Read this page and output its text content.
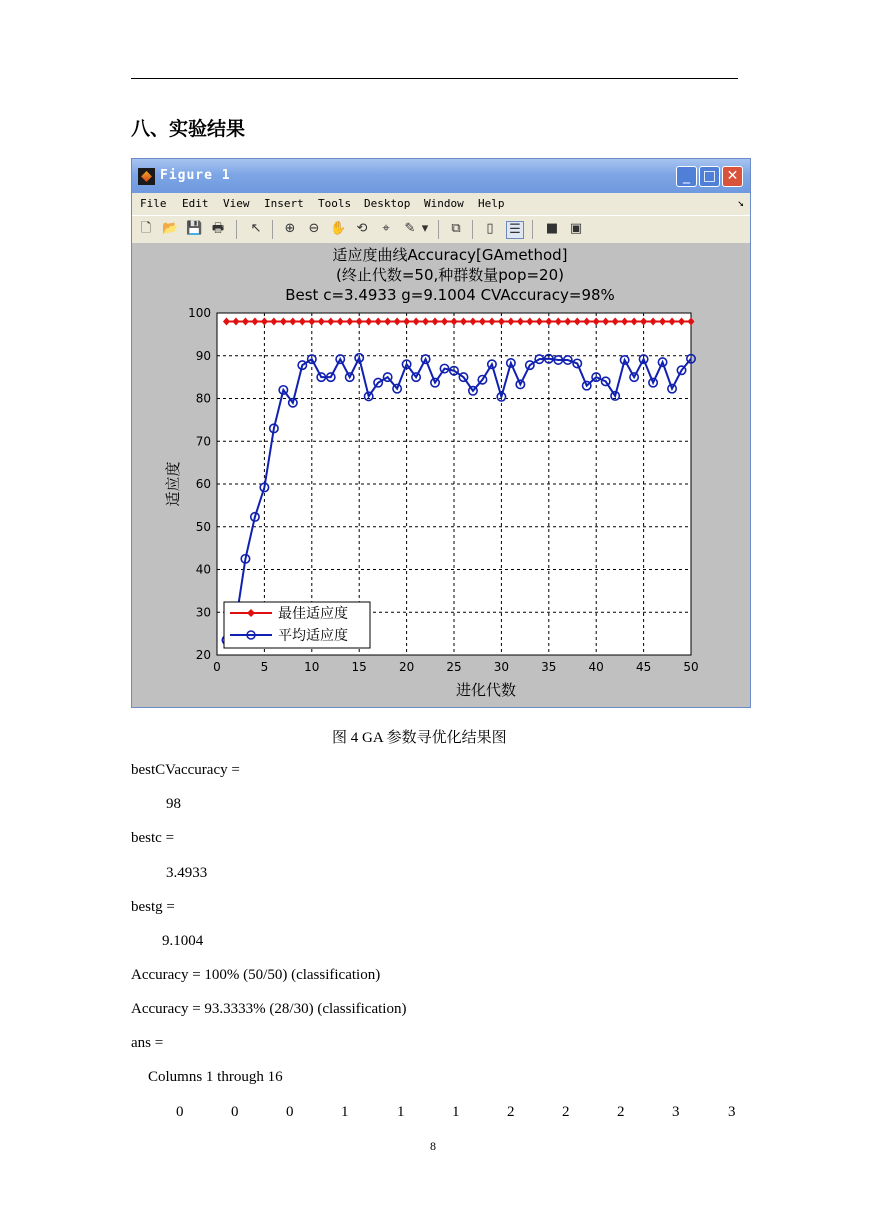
八、实验结果
Figure 1	_ □ ✕
File Edit View Insert Tools Desktop Window Help	↘
🗋 📂 💾 🖶 ↖ ⊕ ⊖ ✋ ⟲	⌖	✎ ▾ ⧉	▯	☰ ■ ▣
适应度曲线Accuracy[GAmethod]
(终止代数=50,种群数量pop=20)
Best c=3.4933 g=9.1004 CVAccuracy=98%
0	5	10	15	20	25	30	35	40	45	50
20
30
40
50
60
70
80
90
100
进化代数
适应度
最佳适应度
平均适应度
图 4 GA 参数寻优化结果图
bestCVaccuracy =
98
bestc =
3.4933
bestg =
9.1004
Accuracy = 100% (50/50) (classification)
Accuracy = 93.3333% (28/30) (classification)
ans =
Columns 1 through 16
0	0	0	1	1	1	2	2	2	3	3
8
